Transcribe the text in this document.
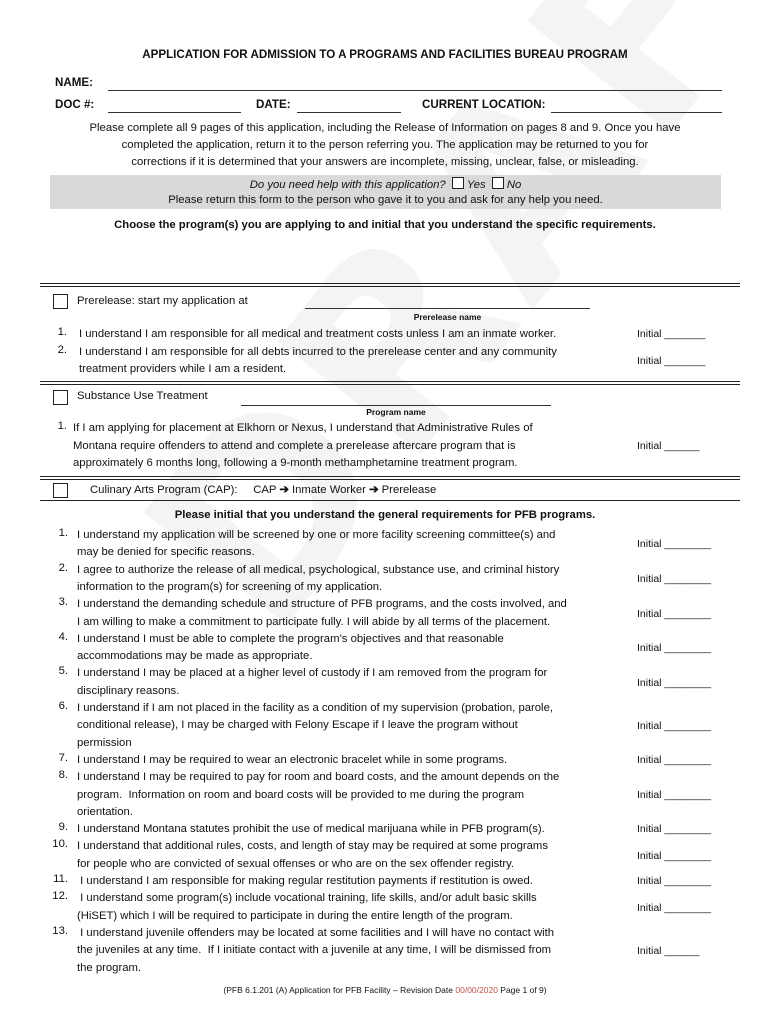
APPLICATION FOR ADMISSION TO A PROGRAMS AND FACILITIES BUREAU PROGRAM
NAME:
DOC #:	DATE:	CURRENT LOCATION:
Please complete all 9 pages of this application, including the Release of Information on pages 8 and 9. Once you have
completed the application, return it to the person referring you. The application may be returned to you for
corrections if it is determined that your answers are incomplete, missing, unclear, false, or misleading.
Do you need help with this application? Yes No
Please return this form to the person who gave it to you and ask for any help you need.
Choose the program(s) you are applying to and initial that you understand the specific requirements.
Prerelease: start my application at
Prerelease name
1. I understand I am responsible for all medical and treatment costs unless I am an inmate worker.	Initial _______
2. I understand I am responsible for all debts incurred to the prerelease center and any community
treatment providers while I am a resident.
Initial _______
Substance Use Treatment
Program name
1. If I am applying for placement at Elkhorn or Nexus, I understand that Administrative Rules of
Montana require offenders to attend and complete a prerelease aftercare program that is
approximately 6 months long, following a 9-month methamphetamine treatment program.
Initial ______
Culinary Arts Program (CAP): CAP ➔ Inmate Worker ➔ Prerelease
Please initial that you understand the general requirements for PFB programs.
1. I understand my application will be screened by one or more facility screening committee(s) and
may be denied for specific reasons.
Initial ________
2. I agree to authorize the release of all medical, psychological, substance use, and criminal history
information to the program(s) for screening of my application.
Initial ________
3. I understand the demanding schedule and structure of PFB programs, and the costs involved, and
I am willing to make a commitment to participate fully. I will abide by all terms of the placement.
Initial ________
4. I understand I must be able to complete the program’s objectives and that reasonable
accommodations may be made as appropriate.
Initial ________
5. I understand I may be placed at a higher level of custody if I am removed from the program for
disciplinary reasons.
Initial ________
6. I understand if I am not placed in the facility as a condition of my supervision (probation, parole,
conditional release), I may be charged with Felony Escape if I leave the program without
permission
Initial ________
7. I understand I may be required to wear an electronic bracelet while in some programs.	Initial ________
8. I understand I may be required to pay for room and board costs, and the amount depends on the
program.  Information on room and board costs will be provided to me during the program
orientation.
Initial ________
9. I understand Montana statutes prohibit the use of medical marijuana while in PFB program(s).	Initial ________
10. I understand that additional rules, costs, and length of stay may be required at some programs
for people who are convicted of sexual offenses or who are on the sex offender registry.
Initial ________
11. I understand I am responsible for making regular restitution payments if restitution is owed.	Initial ________
12. I understand some program(s) include vocational training, life skills, and/or adult basic skills
(HiSET) which I will be required to participate in during the entire length of the program.
Initial ________
13. I understand juvenile offenders may be located at some facilities and I will have no contact with
the juveniles at any time.  If I initiate contact with a juvenile at any time, I will be dismissed from
the program.
Initial ______
(PFB 6.1.201 (A) Application for PFB Facility – Revision Date 00/00/2020 Page 1 of 9)
